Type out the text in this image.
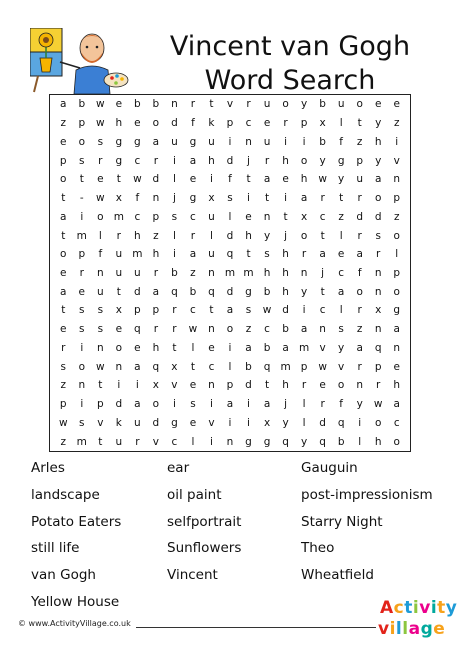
Vincent van Gogh
Word Search
a	b	w	e	b	b	n	r	t	v	r	u	o	y	b	u	o	e	e
z	p	w	h	e	o	d	f	k	p	c	e	r	p	x	l	t	y	z
e	o	s	g	g	a	u	g	u	i	n	u	i	i	b	f	z	h	i
p	s	r	g	c	r	i	a	h	d	j	r	h	o	y	g	p	y	v
o	t	e	t	w	d	l	e	i	f	t	a	e	h	w	y	u	a	n
t	-	w	x	f	n	j	g	x	s	i	t	i	a	r	t	r	o	p
a	i	o m	c	p	s	c	u	l	e	n	t	x	c	z	d	d	z
t	m	l	r	h	z	l	r	l	d	h	y	j	o	t	l	r	s	o
o	p	f	u m h	i	a	u	q	t	s	h	r	a	e	a	r	l
e	r	n	u	u	r	b	z	n m m h	h	n	j	c	f	n	p
a	e	u	t	d	a	q	b	q	d	g	b	h	y	t	a	o	n	o
t	s	s	x	p	p	r	c	t	a	s	w	d	i	c	l	r	x	g
e	s	s	e	q	r	r	w	n	o	z	c	b	a	n	s	z	n	a
r	i	n	o	e	h	t	l	e	i	a	b	a m v	y	a	q	n
s	o	w	n	a	q	x	t	c	l	b	q m p	w	v	r	p	e
z	n	t	i	i	x	v	e	n	p	d	t	h	r	e	o	n	r	h
p	i	p	d	a	o	i	s	i	a	i	a	j	l	r	f	y	w	a
w	s	v	k	u	d	g	e	v	i	i	x	y	l	d	q	i	o	c
z	m	t	u	r	v	c	l	i	n	g	g	q	y	q	b	l	h	o
Arles	ear	Gauguin
landscape	oil paint	post-impressionism
Potato Eaters	selfportrait	Starry Night
still life	Sunflowers	Theo
van Gogh	Vincent	Wheatfield
Yellow House
© www.ActivityVillage.co.uk
Activity
village
